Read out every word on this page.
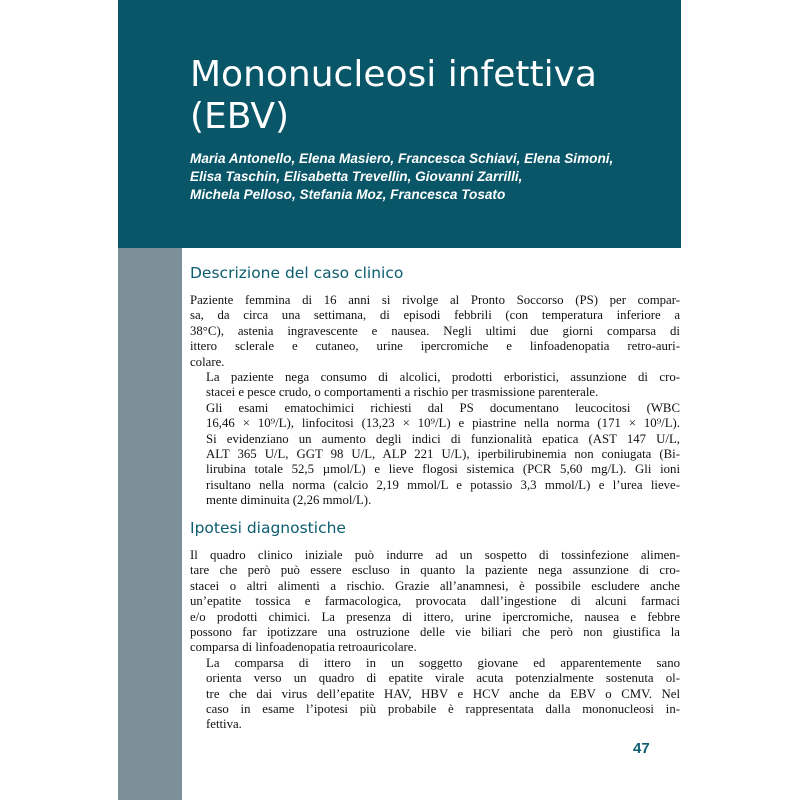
Mononucleosi infettiva
(EBV)
Maria Antonello, Elena Masiero, Francesca Schiavi, Elena Simoni,
Elisa Taschin, Elisabetta Trevellin, Giovanni Zarrilli,
Michela Pelloso, Stefania Moz, Francesca Tosato
Descrizione del caso clinico

Paziente femmina di 16 anni si rivolge al Pronto Soccorso (PS) per compar-
sa, da circa una settimana, di episodi febbrili (con temperatura inferiore a
38°C), astenia ingravescente e nausea. Negli ultimi due giorni comparsa di
ittero sclerale e cutaneo, urine ipercromiche e linfoadenopatia retro-auri-
colare.

La paziente nega consumo di alcolici, prodotti erboristici, assunzione di cro-
stacei e pesce crudo, o comportamenti a rischio per trasmissione parenterale.

Gli esami ematochimici richiesti dal PS documentano leucocitosi (WBC
16,46 × 10⁹/L), linfocitosi (13,23 × 10⁹/L) e piastrine nella norma (171 × 10⁹/L).
Si evidenziano un aumento degli indici di funzionalità epatica (AST 147 U/L,
ALT 365 U/L, GGT 98 U/L, ALP 221 U/L), iperbilirubinemia non coniugata (Bi-
lirubina totale 52,5 µmol/L) e lieve flogosi sistemica (PCR 5,60 mg/L). Gli ioni
risultano nella norma (calcio 2,19 mmol/L e potassio 3,3 mmol/L) e l’urea lieve-
mente diminuita (2,26 mmol/L).

Ipotesi diagnostiche

Il quadro clinico iniziale può indurre ad un sospetto di tossinfezione alimen-
tare che però può essere escluso in quanto la paziente nega assunzione di cro-
stacei o altri alimenti a rischio. Grazie all’anamnesi, è possibile escludere anche
un’epatite tossica e farmacologica, provocata dall’ingestione di alcuni farmaci
e/o prodotti chimici. La presenza di ittero, urine ipercromiche, nausea e febbre
possono far ipotizzare una ostruzione delle vie biliari che però non giustifica la
comparsa di linfoadenopatia retroauricolare.

La comparsa di ittero in un soggetto giovane ed apparentemente sano
orienta verso un quadro di epatite virale acuta potenzialmente sostenuta ol-
tre che dai virus dell’epatite HAV, HBV e HCV anche da EBV o CMV. Nel
caso in esame l’ipotesi più probabile è rappresentata dalla mononucleosi in-
fettiva.

47
